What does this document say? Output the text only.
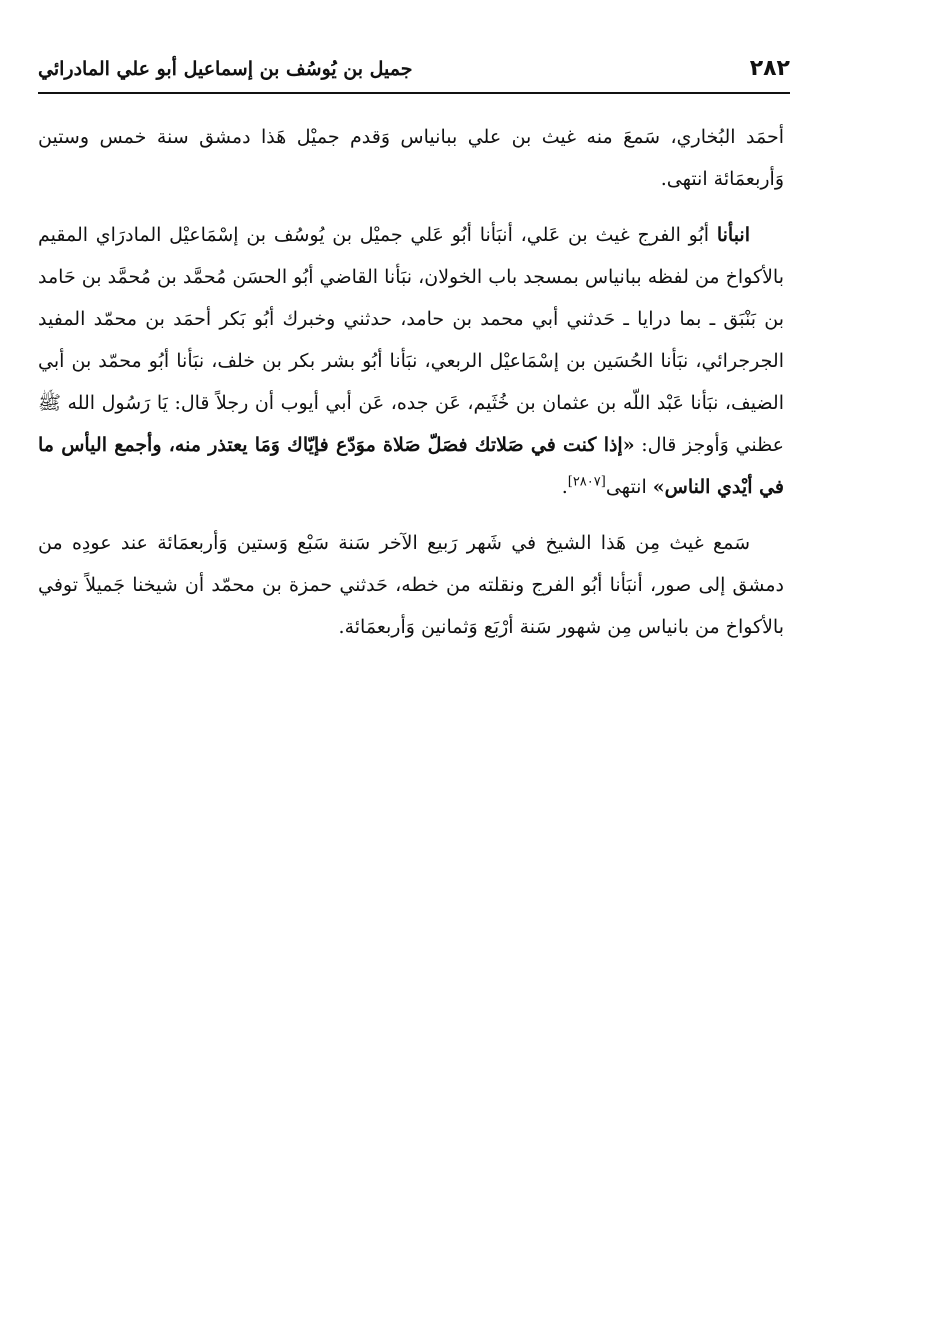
٢٨٢
جميل بن يُوسُف بن إسماعيل أبو علي المادرائي

أحمَد البُخاري، سَمعَ منه غيث بن علي ببانياس وَقدم جميْل هَذا دمشق سنة خمس وستين وَأربعمَائة انتهى.

انبأنا أبُو الفرج غيث بن عَلي، أنبَأنا أبُو عَلي جميْل بن يُوسُف بن إسْمَاعيْل المادرَاي المقيم بالأكواخ من لفظه ببانياس بمسجد باب الخولان، نبَأنا القاضي أبُو الحسَن مُحمَّد بن مُحمَّد بن حَامد بن بَنْبَق ـ بما درايا ـ حَدثني أبي محمد بن حامد، حدثني وخبرك أبُو بَكر أحمَد بن محمّد المفيد الجرجرائي، نبَأنا الحُسَين بن إسْمَاعيْل الربعي، نبَأنا أبُو بشر بكر بن خلف، نبَأنا أبُو محمّد بن أبي الضيف، نبَأنا عَبْد اللّه بن عثمان بن خُثَيم، عَن جده، عَن أبي أيوب أن رجلاً قال: يَا رَسُول الله ﷺ عظني وَأوجز قال: «إذا كنت في صَلاتك فصَلّ صَلاة موَدّع فإيّاك وَمَا يعتذر منه، وأجمع اليأس ما في أيْدي الناس» انتهى[٢٨٠٧].

سَمع غيث مِن هَذا الشيخ في شَهر رَبيع الآخر سَنة سَبْع وَستين وَأربعمَائة عند عودِه من دمشق إلى صور، أنبَأنا أبُو الفرج ونقلته من خطه، حَدثني حمزة بن محمّد أن شيخنا جَميلاً توفي بالأكواخ من بانياس مِن شهور سَنة أرْبَع وَثمانين وَأربعمَائة.
